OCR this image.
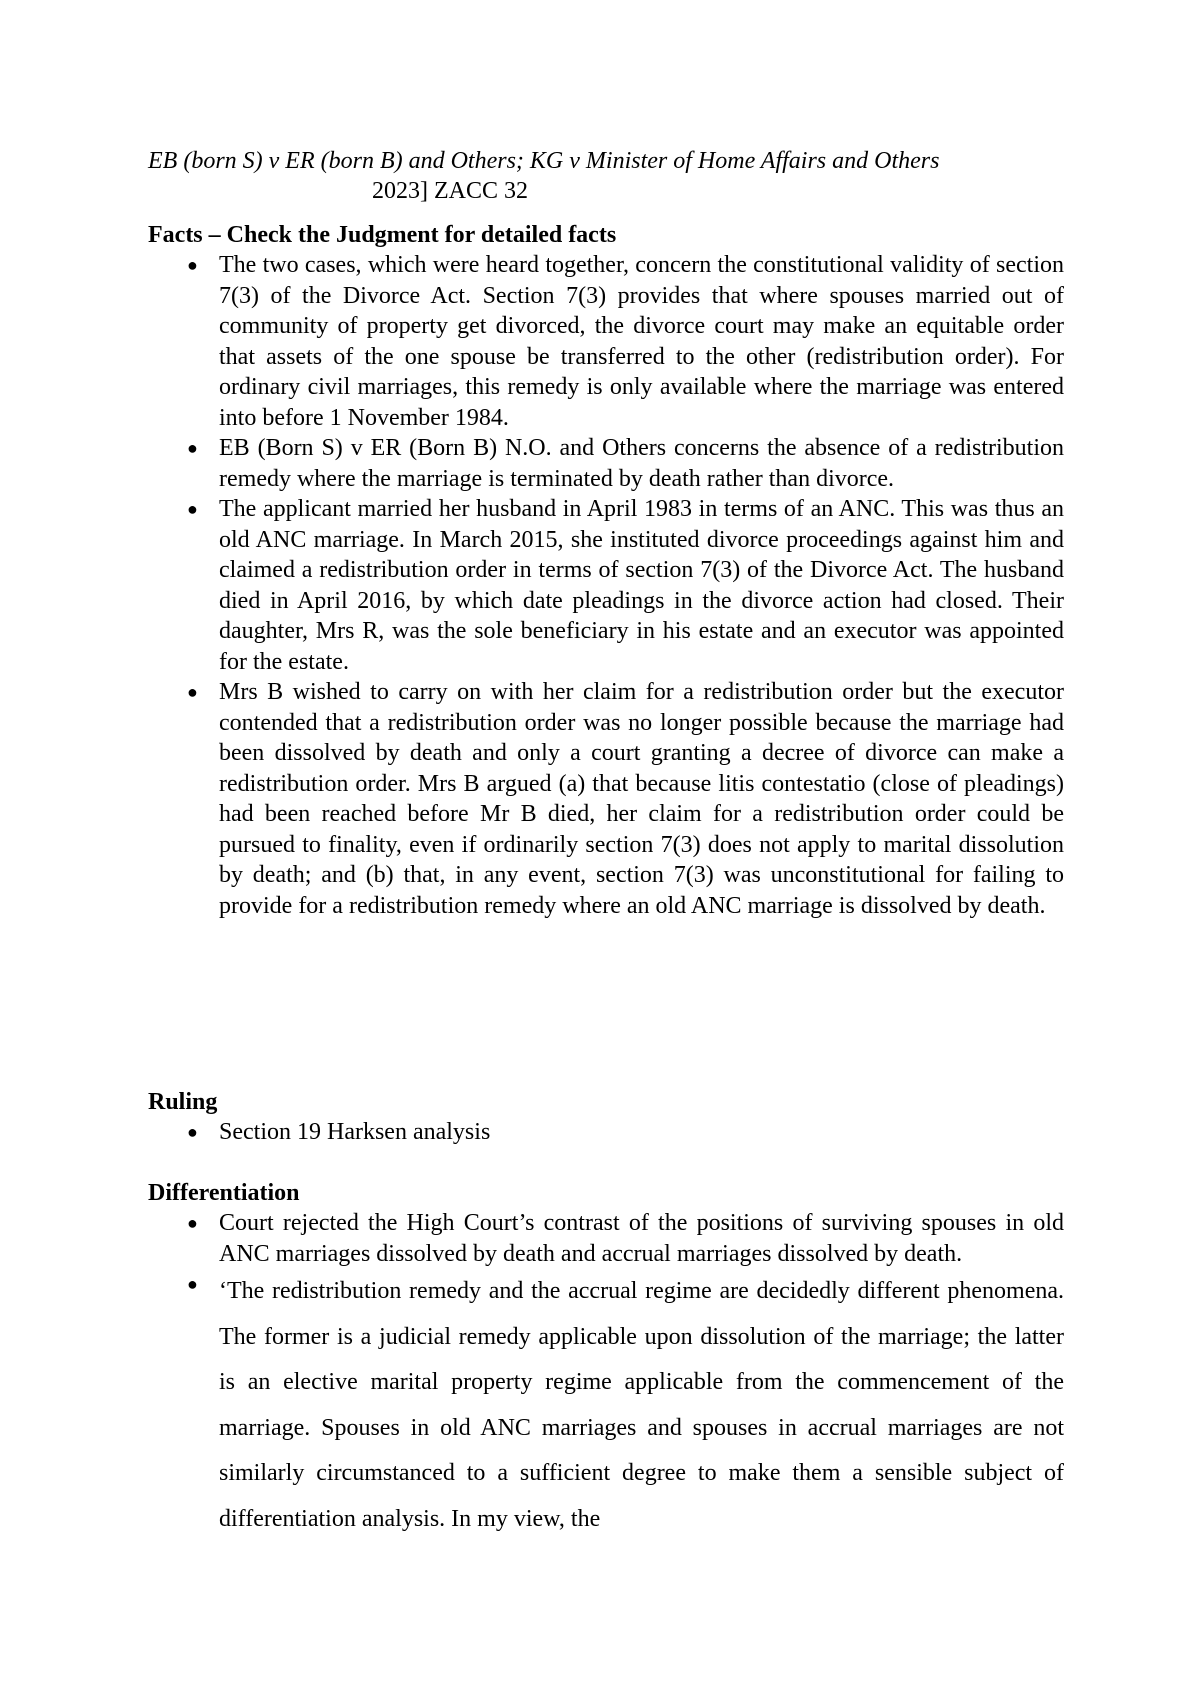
EB (born S) v ER (born B) and Others; KG v Minister of Home Affairs and Others
2023] ZACC 32

Facts – Check the Judgment for detailed facts

● The two cases, which were heard together, concern the constitutional validity of section 7(3) of the Divorce Act. Section 7(3) provides that where spouses married out of community of property get divorced, the divorce court may make an equitable order that assets of the one spouse be transferred to the other (redistribution order). For ordinary civil marriages, this remedy is only available where the marriage was entered into before 1 November 1984.
● EB (Born S) v ER (Born B) N.O. and Others concerns the absence of a redistribution remedy where the marriage is terminated by death rather than divorce.
● The applicant married her husband in April 1983 in terms of an ANC. This was thus an old ANC marriage. In March 2015, she instituted divorce proceedings against him and claimed a redistribution order in terms of section 7(3) of the Divorce Act. The husband died in April 2016, by which date pleadings in the divorce action had closed. Their daughter, Mrs R, was the sole beneficiary in his estate and an executor was appointed for the estate.
● Mrs B wished to carry on with her claim for a redistribution order but the executor contended that a redistribution order was no longer possible because the marriage had been dissolved by death and only a court granting a decree of divorce can make a redistribution order. Mrs B argued (a) that because litis contestatio (close of pleadings) had been reached before Mr B died, her claim for a redistribution order could be pursued to finality, even if ordinarily section 7(3) does not apply to marital dissolution by death; and (b) that, in any event, section 7(3) was unconstitutional for failing to provide for a redistribution remedy where an old ANC marriage is dissolved by death.

Ruling

● Section 19 Harksen analysis

Differentiation

● Court rejected the High Court’s contrast of the positions of surviving spouses in old ANC marriages dissolved by death and accrual marriages dissolved by death.
● ‘The redistribution remedy and the accrual regime are decidedly different phenomena. The former is a judicial remedy applicable upon dissolution of the marriage; the latter is an elective marital property regime applicable from the commencement of the marriage. Spouses in old ANC marriages and spouses in accrual marriages are not similarly circumstanced to a sufficient degree to make them a sensible subject of differentiation analysis. In my view, the
